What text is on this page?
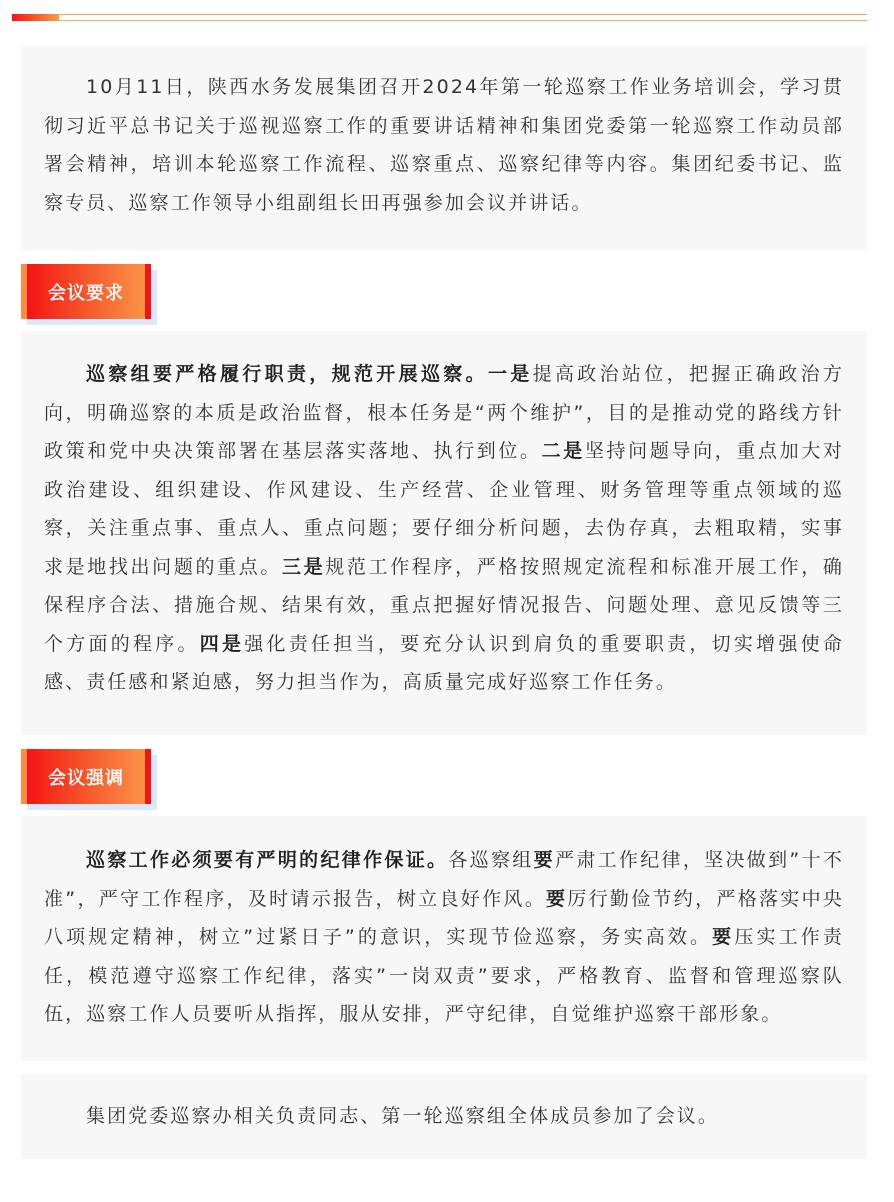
10月11日，陕西水务发展集团召开2024年第一轮巡察工作业务培训会，学习贯彻习近平总书记关于巡视巡察工作的重要讲话精神和集团党委第一轮巡察工作动员部署会精神，培训本轮巡察工作流程、巡察重点、巡察纪律等内容。集团纪委书记、监察专员、巡察工作领导小组副组长田再强参加会议并讲话。

会议要求

巡察组要严格履行职责，规范开展巡察。一是提高政治站位，把握正确政治方向，明确巡察的本质是政治监督，根本任务是“两个维护”，目的是推动党的路线方针政策和党中央决策部署在基层落实落地、执行到位。二是坚持问题导向，重点加大对政治建设、组织建设、作风建设、生产经营、企业管理、财务管理等重点领域的巡察，关注重点事、重点人、重点问题；要仔细分析问题，去伪存真，去粗取精，实事求是地找出问题的重点。三是规范工作程序，严格按照规定流程和标准开展工作，确保程序合法、措施合规、结果有效，重点把握好情况报告、问题处理、意见反馈等三个方面的程序。四是强化责任担当，要充分认识到肩负的重要职责，切实增强使命感、责任感和紧迫感，努力担当作为，高质量完成好巡察工作任务。

会议强调

巡察工作必须要有严明的纪律作保证。各巡察组要严肃工作纪律，坚决做到”十不准”，严守工作程序，及时请示报告，树立良好作风。要厉行勤俭节约，严格落实中央八项规定精神，树立”过紧日子”的意识，实现节俭巡察，务实高效。要压实工作责任，模范遵守巡察工作纪律，落实”一岗双责”要求，严格教育、监督和管理巡察队伍，巡察工作人员要听从指挥，服从安排，严守纪律，自觉维护巡察干部形象。

集团党委巡察办相关负责同志、第一轮巡察组全体成员参加了会议。
